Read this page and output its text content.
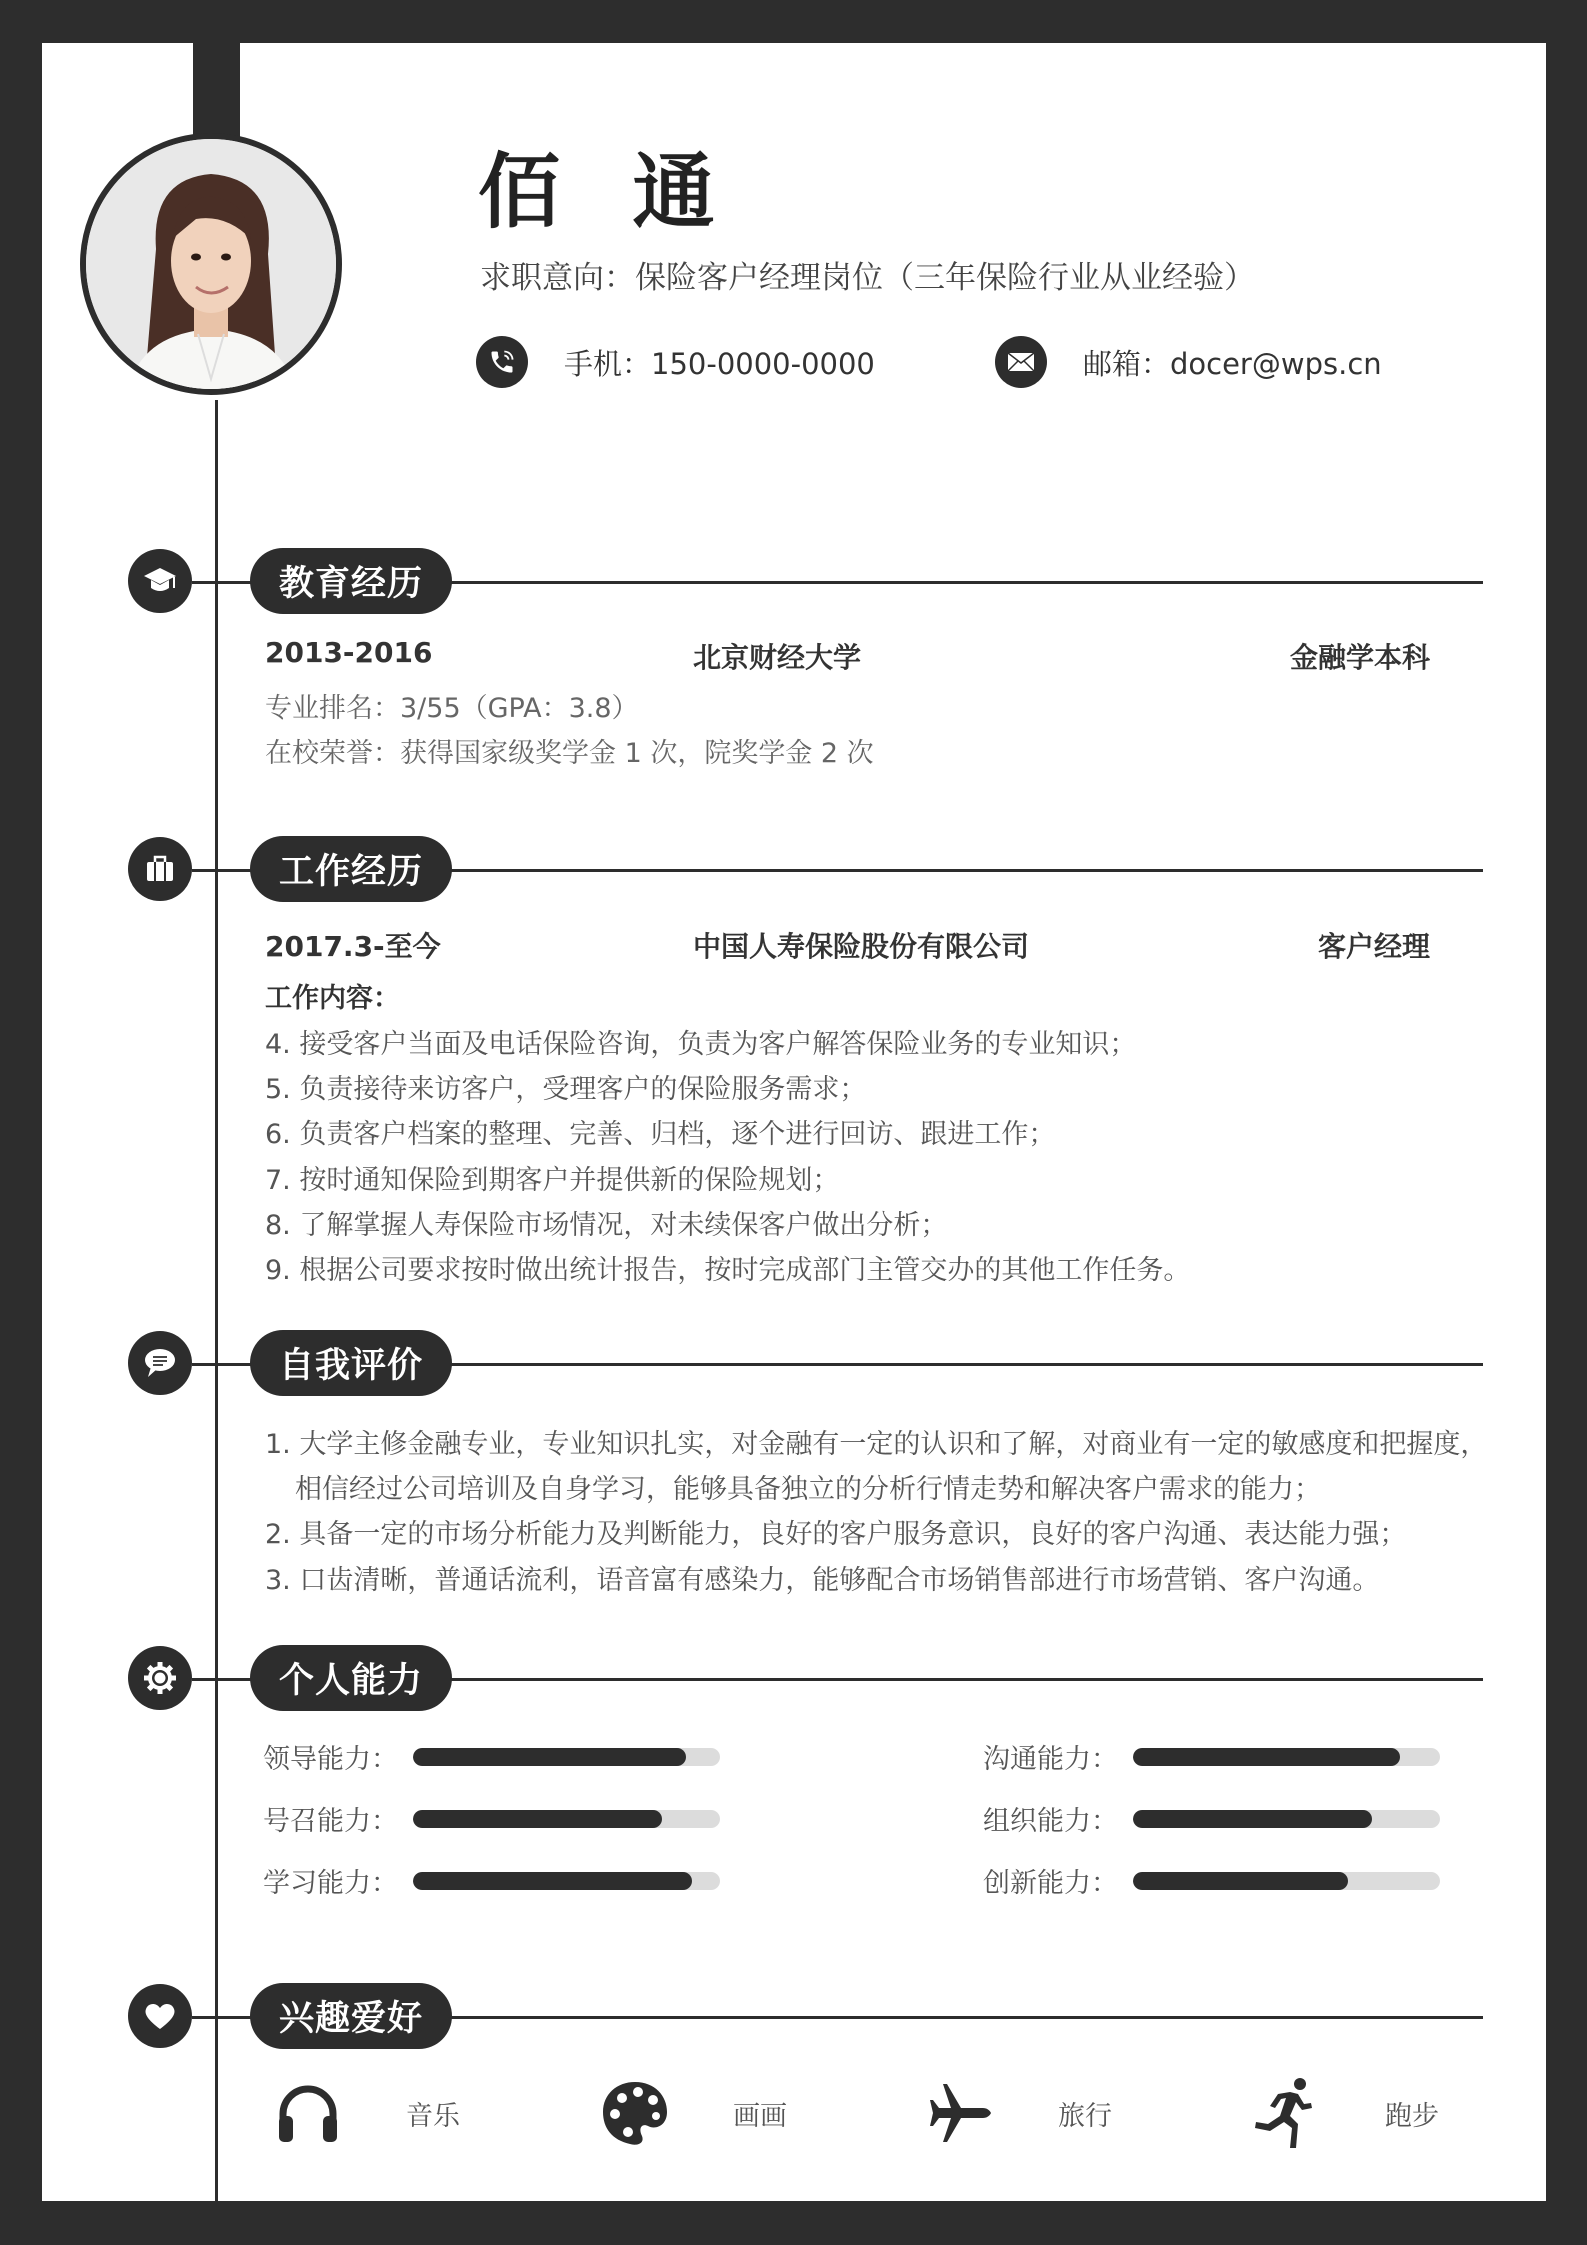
佰 通
求职意向：保险客户经理岗位（三年保险行业从业经验）
手机：150-0000-0000	邮箱：docer@wps.cn
教育经历
2013-2016	北京财经大学	金融学本科
专业排名：3/55（GPA：3.8）
在校荣誉：获得国家级奖学金 1 次，院奖学金 2 次
工作经历
2017.3-至今	中国人寿保险股份有限公司	客户经理
工作内容：
4. 接受客户当面及电话保险咨询，负责为客户解答保险业务的专业知识；
5. 负责接待来访客户，受理客户的保险服务需求；
6. 负责客户档案的整理、完善、归档，逐个进行回访、跟进工作；
7. 按时通知保险到期客户并提供新的保险规划；
8. 了解掌握人寿保险市场情况，对未续保客户做出分析；
9. 根据公司要求按时做出统计报告，按时完成部门主管交办的其他工作任务。
自我评价
1. 大学主修金融专业，专业知识扎实，对金融有一定的认识和了解，对商业有一定的敏感度和把握度，
相信经过公司培训及自身学习，能够具备独立的分析行情走势和解决客户需求的能力；
2. 具备一定的市场分析能力及判断能力，良好的客户服务意识，良好的客户沟通、表达能力强；
3. 口齿清晰，普通话流利，语音富有感染力，能够配合市场销售部进行市场营销、客户沟通。
个人能力
领导能力：	沟通能力：
号召能力：	组织能力：
学习能力：	创新能力：
兴趣爱好
音乐	画画	旅行	跑步
